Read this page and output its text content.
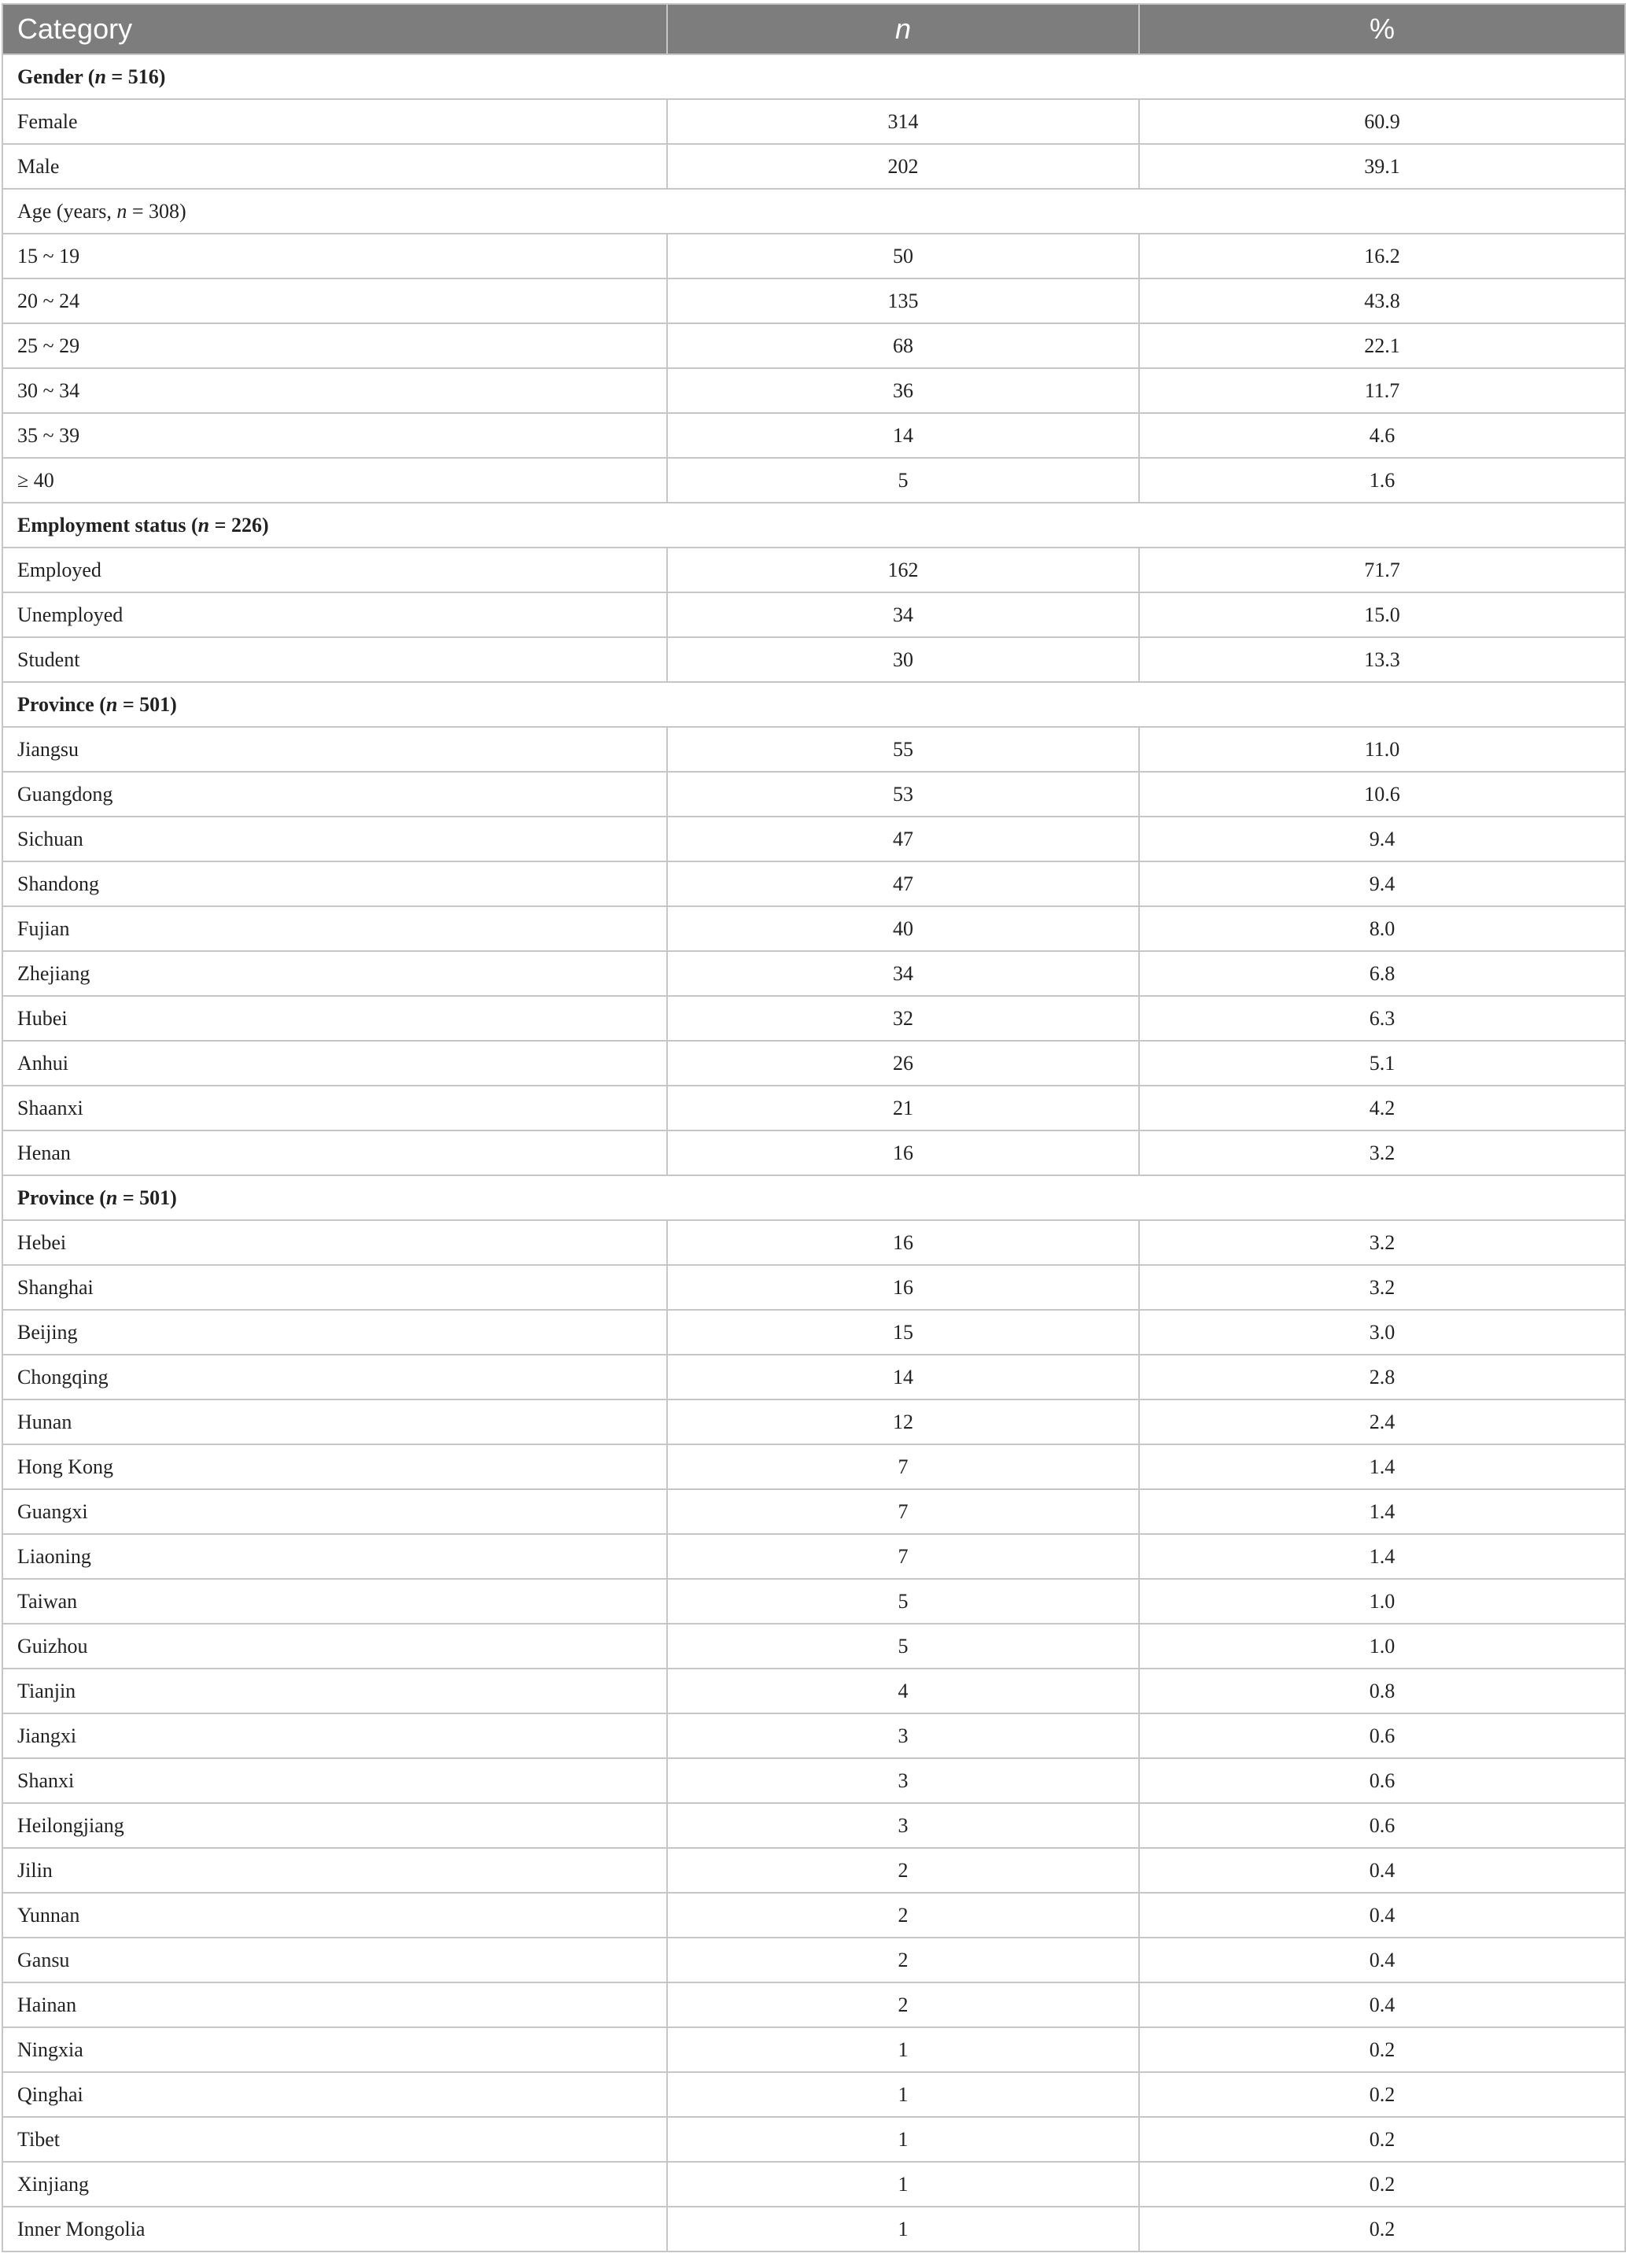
Category	n	%
Gender (n = 516)		
Female	314	60.9
Male	202	39.1
Age (years, n = 308)		
15 ~ 19	50	16.2
20 ~ 24	135	43.8
25 ~ 29	68	22.1
30 ~ 34	36	11.7
35 ~ 39	14	4.6
≥ 40	5	1.6
Employment status (n = 226)		
Employed	162	71.7
Unemployed	34	15.0
Student	30	13.3
Province (n = 501)		
Jiangsu	55	11.0
Guangdong	53	10.6
Sichuan	47	9.4
Shandong	47	9.4
Fujian	40	8.0
Zhejiang	34	6.8
Hubei	32	6.3
Anhui	26	5.1
Shaanxi	21	4.2
Henan	16	3.2
Province (n = 501)		
Hebei	16	3.2
Shanghai	16	3.2
Beijing	15	3.0
Chongqing	14	2.8
Hunan	12	2.4
Hong Kong	7	1.4
Guangxi	7	1.4
Liaoning	7	1.4
Taiwan	5	1.0
Guizhou	5	1.0
Tianjin	4	0.8
Jiangxi	3	0.6
Shanxi	3	0.6
Heilongjiang	3	0.6
Jilin	2	0.4
Yunnan	2	0.4
Gansu	2	0.4
Hainan	2	0.4
Ningxia	1	0.2
Qinghai	1	0.2
Tibet	1	0.2
Xinjiang	1	0.2
Inner Mongolia	1	0.2
